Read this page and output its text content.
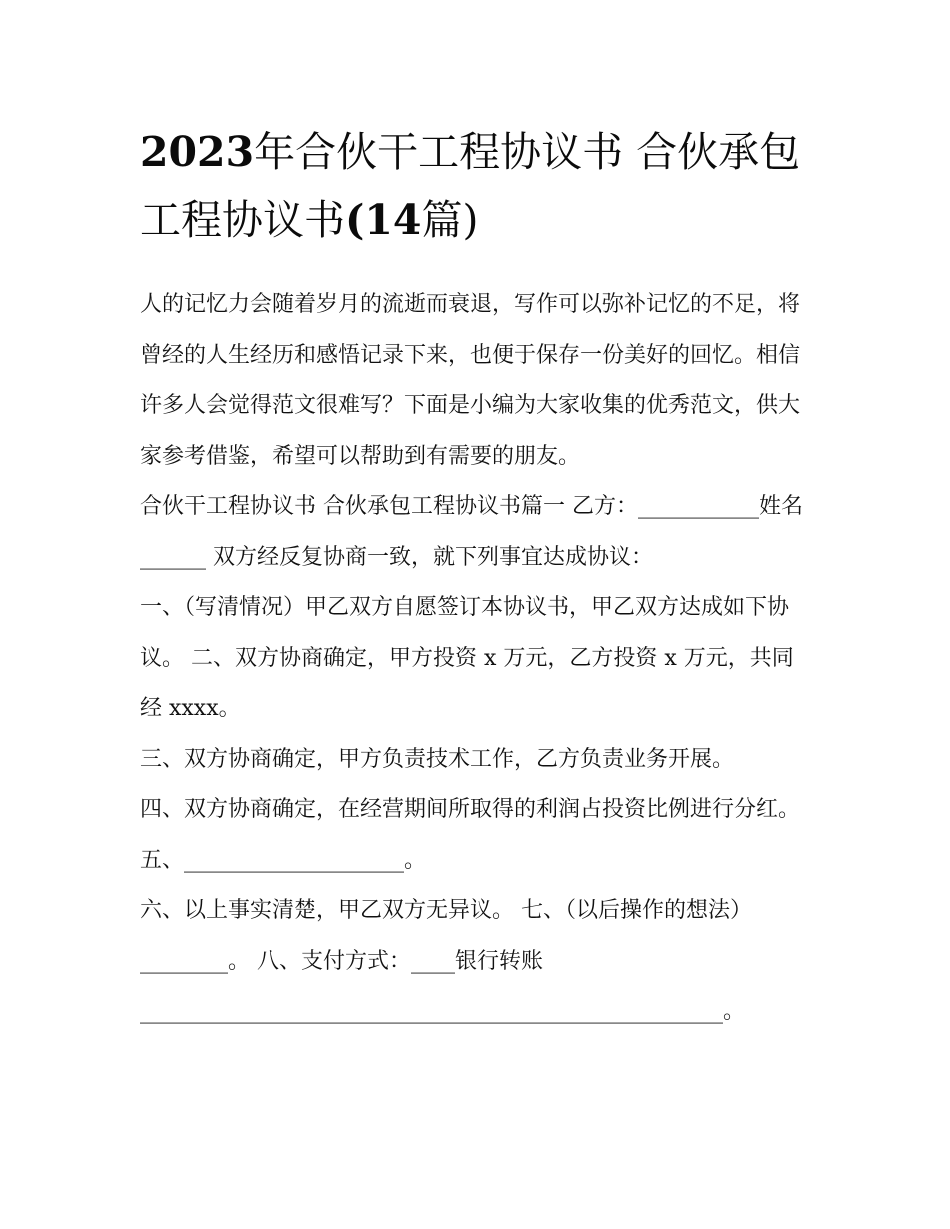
2023年合伙干工程协议书 合伙承包工程协议书(14篇)

人的记忆力会随着岁月的流逝而衰退，写作可以弥补记忆的不足，将曾经的人生经历和感悟记录下来，也便于保存一份美好的回忆。相信许多人会觉得范文很难写？下面是小编为大家收集的优秀范文，供大家参考借鉴，希望可以帮助到有需要的朋友。

合伙干工程协议书 合伙承包工程协议书篇一 乙方：___________姓名______ 双方经反复协商一致，就下列事宜达成协议：

一、（写清情况）甲乙双方自愿签订本协议书，甲乙双方达成如下协议。 二、双方协商确定，甲方投资 x 万元，乙方投资 x 万元，共同经 xxxx。

三、双方协商确定，甲方负责技术工作，乙方负责业务开展。

四、双方协商确定，在经营期间所取得的利润占投资比例进行分红。 五、____________________。

六、以上事实清楚，甲乙双方无异议。 七、（以后操作的想法）________。 八、支付方式：____银行转账_____________________________________________________。
